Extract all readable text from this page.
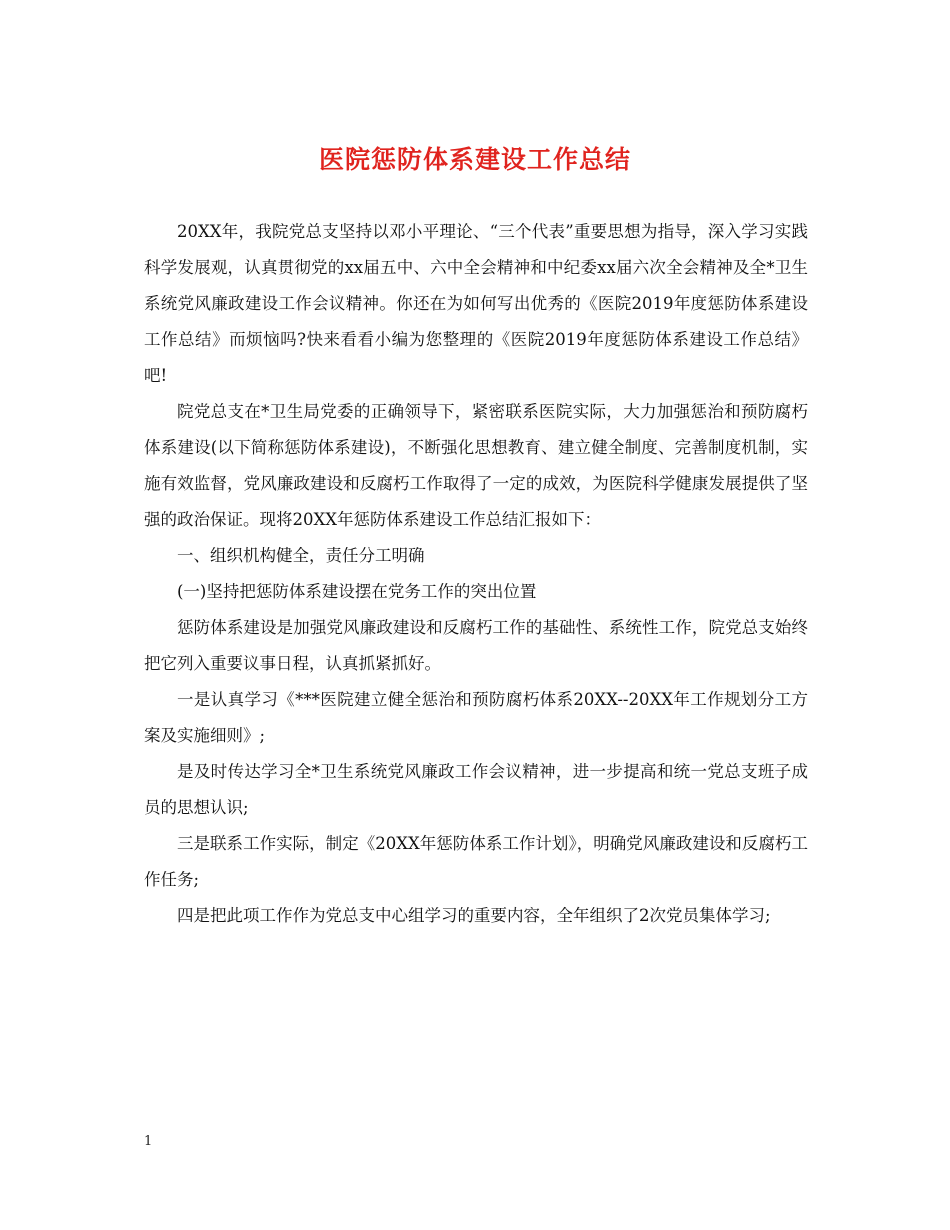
医院惩防体系建设工作总结

20XX年，我院党总支坚持以邓小平理论、“三个代表”重要思想为指导，深入学习实践科学发展观，认真贯彻党的xx届五中、六中全会精神和中纪委xx届六次全会精神及全*卫生系统党风廉政建设工作会议精神。你还在为如何写出优秀的《医院2019年度惩防体系建设工作总结》而烦恼吗?快来看看小编为您整理的《医院2019年度惩防体系建设工作总结》吧!

院党总支在*卫生局党委的正确领导下，紧密联系医院实际，大力加强惩治和预防腐朽体系建设(以下简称惩防体系建设)，不断强化思想教育、建立健全制度、完善制度机制，实施有效监督，党风廉政建设和反腐朽工作取得了一定的成效，为医院科学健康发展提供了坚强的政治保证。现将20XX年惩防体系建设工作总结汇报如下：

一、组织机构健全，责任分工明确

(一)坚持把惩防体系建设摆在党务工作的突出位置

惩防体系建设是加强党风廉政建设和反腐朽工作的基础性、系统性工作，院党总支始终把它列入重要议事日程，认真抓紧抓好。

一是认真学习《***医院建立健全惩治和预防腐朽体系20XX--20XX年工作规划分工方案及实施细则》;

是及时传达学习全*卫生系统党风廉政工作会议精神，进一步提高和统一党总支班子成员的思想认识;

三是联系工作实际，制定《20XX年惩防体系工作计划》，明确党风廉政建设和反腐朽工作任务;

四是把此项工作作为党总支中心组学习的重要内容，全年组织了2次党员集体学习;

1
